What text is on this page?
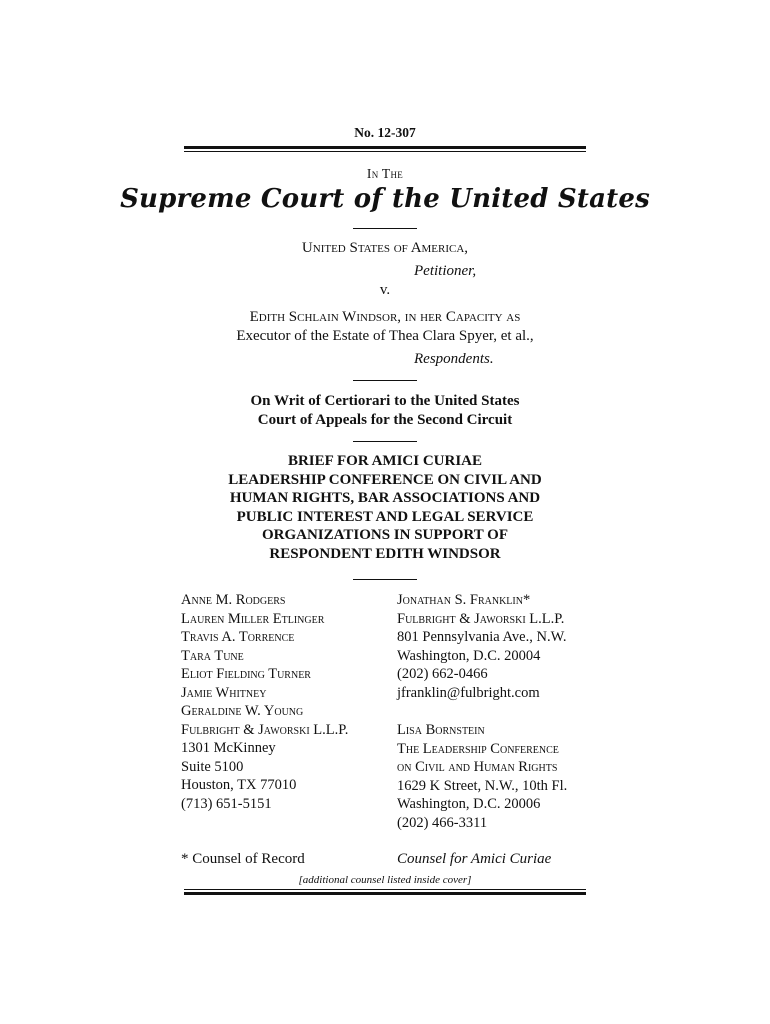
No. 12-307
In The
Supreme Court of the United States
United States of America,
Petitioner,
v.
Edith Schlain Windsor, in her Capacity as
Executor of the Estate of Thea Clara Spyer, et al.,
Respondents.
On Writ of Certiorari to the United States
Court of Appeals for the Second Circuit
BRIEF FOR AMICI CURIAE
LEADERSHIP CONFERENCE ON CIVIL AND
HUMAN RIGHTS, BAR ASSOCIATIONS AND
PUBLIC INTEREST AND LEGAL SERVICE
ORGANIZATIONS IN SUPPORT OF
RESPONDENT EDITH WINDSOR
Anne M. Rodgers
Lauren Miller Etlinger
Travis A. Torrence
Tara Tune
Eliot Fielding Turner
Jamie Whitney
Geraldine W. Young
Fulbright & Jaworski L.L.P.
1301 McKinney
Suite 5100
Houston, TX 77010
(713) 651-5151
Jonathan S. Franklin*
Fulbright & Jaworski L.L.P.
801 Pennsylvania Ave., N.W.
Washington, D.C. 20004
(202) 662-0466
jfranklin@fulbright.com
Lisa Bornstein
The Leadership Conference
on Civil and Human Rights
1629 K Street, N.W., 10th Fl.
Washington, D.C. 20006
(202) 466-3311
* Counsel of Record	Counsel for Amici Curiae
[additional counsel listed inside cover]
